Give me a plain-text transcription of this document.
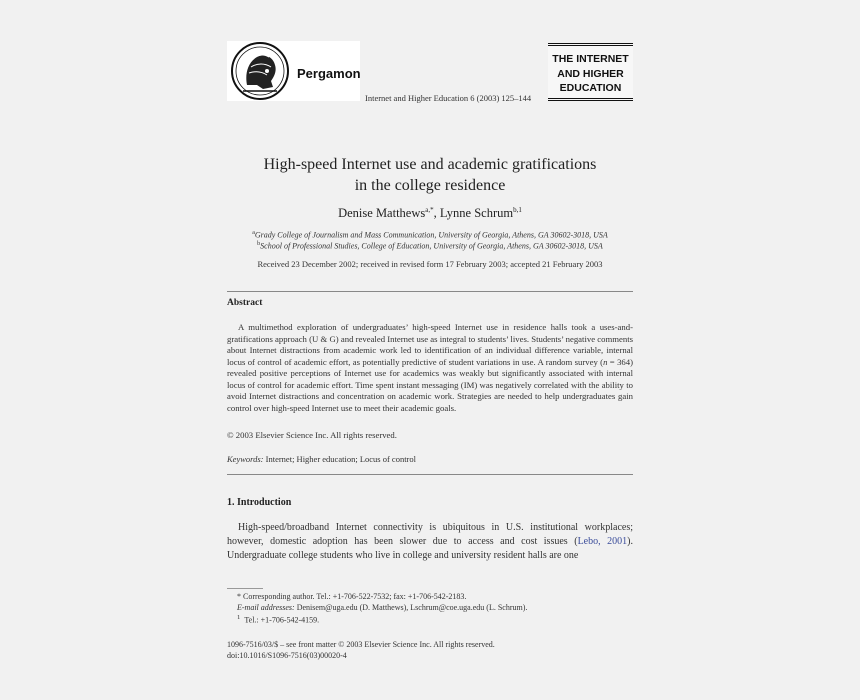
Pergamon
Internet and Higher Education 6 (2003) 125–144
THE INTERNET
AND HIGHER
EDUCATION
High-speed Internet use and academic gratifications
in the college residence
Denise Matthews$^{a,*}$, Lynne Schrum$^{b,1}$
$^a$Grady College of Journalism and Mass Communication, University of Georgia, Athens, GA 30602-3018, USA
$^b$School of Professional Studies, College of Education, University of Georgia, Athens, GA 30602-3018, USA
Received 23 December 2002; received in revised form 17 February 2003; accepted 21 February 2003
Abstract

A multimethod exploration of undergraduates’ high-speed Internet use in residence halls took a uses-and-gratifications approach (U & G) and revealed Internet use as integral to students’ lives. Students’ negative comments about Internet distractions from academic work led to identification of an individual difference variable, internal locus of control of academic effort, as potentially predictive of student variations in use. A random survey (n = 364) revealed positive perceptions of Internet use for academics was weakly but significantly associated with internal locus of control for academic effort. Time spent instant messaging (IM) was negatively correlated with the ability to avoid Internet distractions and concentration on academic work. Strategies are needed to help undergraduates gain control over high-speed Internet use to meet their academic goals.

© 2003 Elsevier Science Inc. All rights reserved.
Keywords: Internet; Higher education; Locus of control
1. Introduction

High-speed/broadband Internet connectivity is ubiquitous in U.S. institutional workplaces; however, domestic adoption has been slower due to access and cost issues (Lebo, 2001). Undergraduate college students who live in college and university resident halls are one

* Corresponding author. Tel.: +1-706-522-7532; fax: +1-706-542-2183.
E-mail addresses: Denisem@uga.edu (D. Matthews), Lschrum@coe.uga.edu (L. Schrum).
$^1$ Tel.: +1-706-542-4159.
1096-7516/03/$ – see front matter © 2003 Elsevier Science Inc. All rights reserved.
doi:10.1016/S1096-7516(03)00020-4
